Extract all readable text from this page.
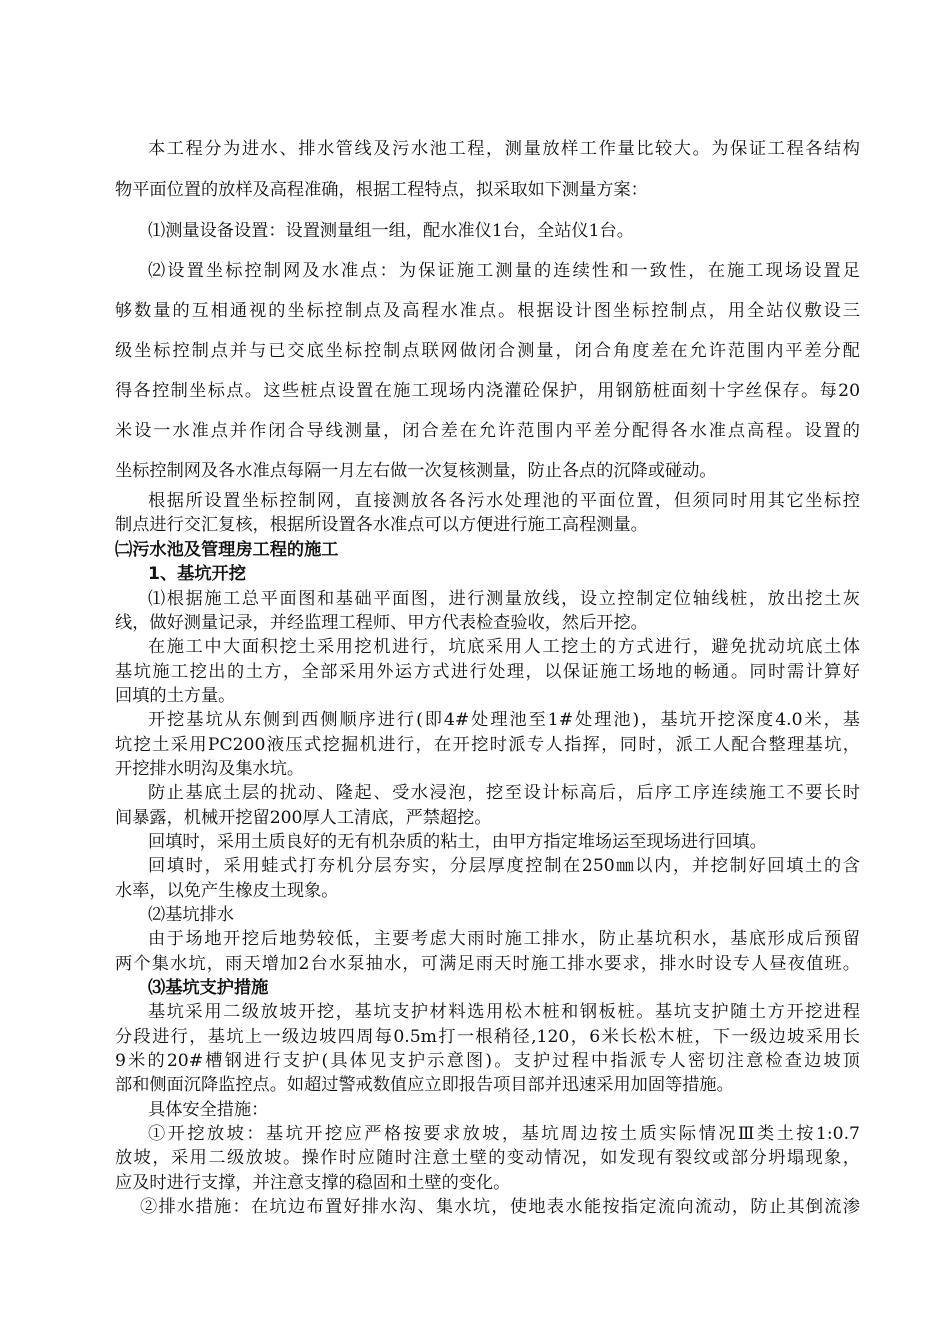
本工程分为进水、排水管线及污水池工程，测量放样工作量比较大。为保证工程各结构
物平面位置的放样及高程准确，根据工程特点，拟采取如下测量方案：
⑴测量设备设置：设置测量组一组，配水准仪1台，全站仪1台。
⑵设置坐标控制网及水准点：为保证施工测量的连续性和一致性，在施工现场设置足
够数量的互相通视的坐标控制点及高程水准点。根据设计图坐标控制点，用全站仪敷设三
级坐标控制点并与已交底坐标控制点联网做闭合测量，闭合角度差在允许范围内平差分配
得各控制坐标点。这些桩点设置在施工现场内浇灌砼保护，用钢筋桩面刻十字丝保存。每20
米设一水准点并作闭合导线测量，闭合差在允许范围内平差分配得各水准点高程。设置的
坐标控制网及各水准点每隔一月左右做一次复核测量，防止各点的沉降或碰动。
根据所设置坐标控制网，直接测放各各污水处理池的平面位置，但须同时用其它坐标控
制点进行交汇复核，根据所设置各水准点可以方便进行施工高程测量。
㈡污水池及管理房工程的施工
1、基坑开挖
⑴根据施工总平面图和基础平面图，进行测量放线，设立控制定位轴线桩，放出挖土灰
线，做好测量记录，并经监理工程师、甲方代表检查验收，然后开挖。
在施工中大面积挖土采用挖机进行，坑底采用人工挖土的方式进行，避免扰动坑底土体
基坑施工挖出的土方，全部采用外运方式进行处理，以保证施工场地的畅通。同时需计算好
回填的土方量。
开挖基坑从东侧到西侧顺序进行(即4#处理池至1#处理池)，基坑开挖深度4.0米，基
坑挖土采用PC200液压式挖掘机进行，在开挖时派专人指挥，同时，派工人配合整理基坑，
开挖排水明沟及集水坑。
防止基底土层的扰动、隆起、受水浸泡，挖至设计标高后，后序工序连续施工不要长时
间暴露，机械开挖留200厚人工清底，严禁超挖。
回填时，采用土质良好的无有机杂质的粘土，由甲方指定堆场运至现场进行回填。
回填时，采用蛙式打夯机分层夯实，分层厚度控制在250㎜以内，并挖制好回填土的含
水率，以免产生橡皮土现象。
⑵基坑排水
由于场地开挖后地势较低，主要考虑大雨时施工排水，防止基坑积水，基底形成后预留
两个集水坑，雨天增加2台水泵抽水，可满足雨天时施工排水要求，排水时设专人昼夜值班。
⑶基坑支护措施
基坑采用二级放坡开挖，基坑支护材料选用松木桩和钢板桩。基坑支护随土方开挖进程
分段进行，基坑上一级边坡四周每0.5m打一根稍径,120，6米长松木桩，下一级边坡采用长
9米的20#槽钢进行支护(具体见支护示意图)。支护过程中指派专人密切注意检查边坡顶
部和侧面沉降监控点。如超过警戒数值应立即报告项目部并迅速采用加固等措施。
具体安全措施：
①开挖放坡：基坑开挖应严格按要求放坡，基坑周边按土质实际情况Ⅲ类土按1:0.7
放坡，采用二级放坡。操作时应随时注意土壁的变动情况，如发现有裂纹或部分坍塌现象，
应及时进行支撑，并注意支撑的稳固和土壁的变化。
②排水措施：在坑边布置好排水沟、集水坑，使地表水能按指定流向流动，防止其倒流渗
